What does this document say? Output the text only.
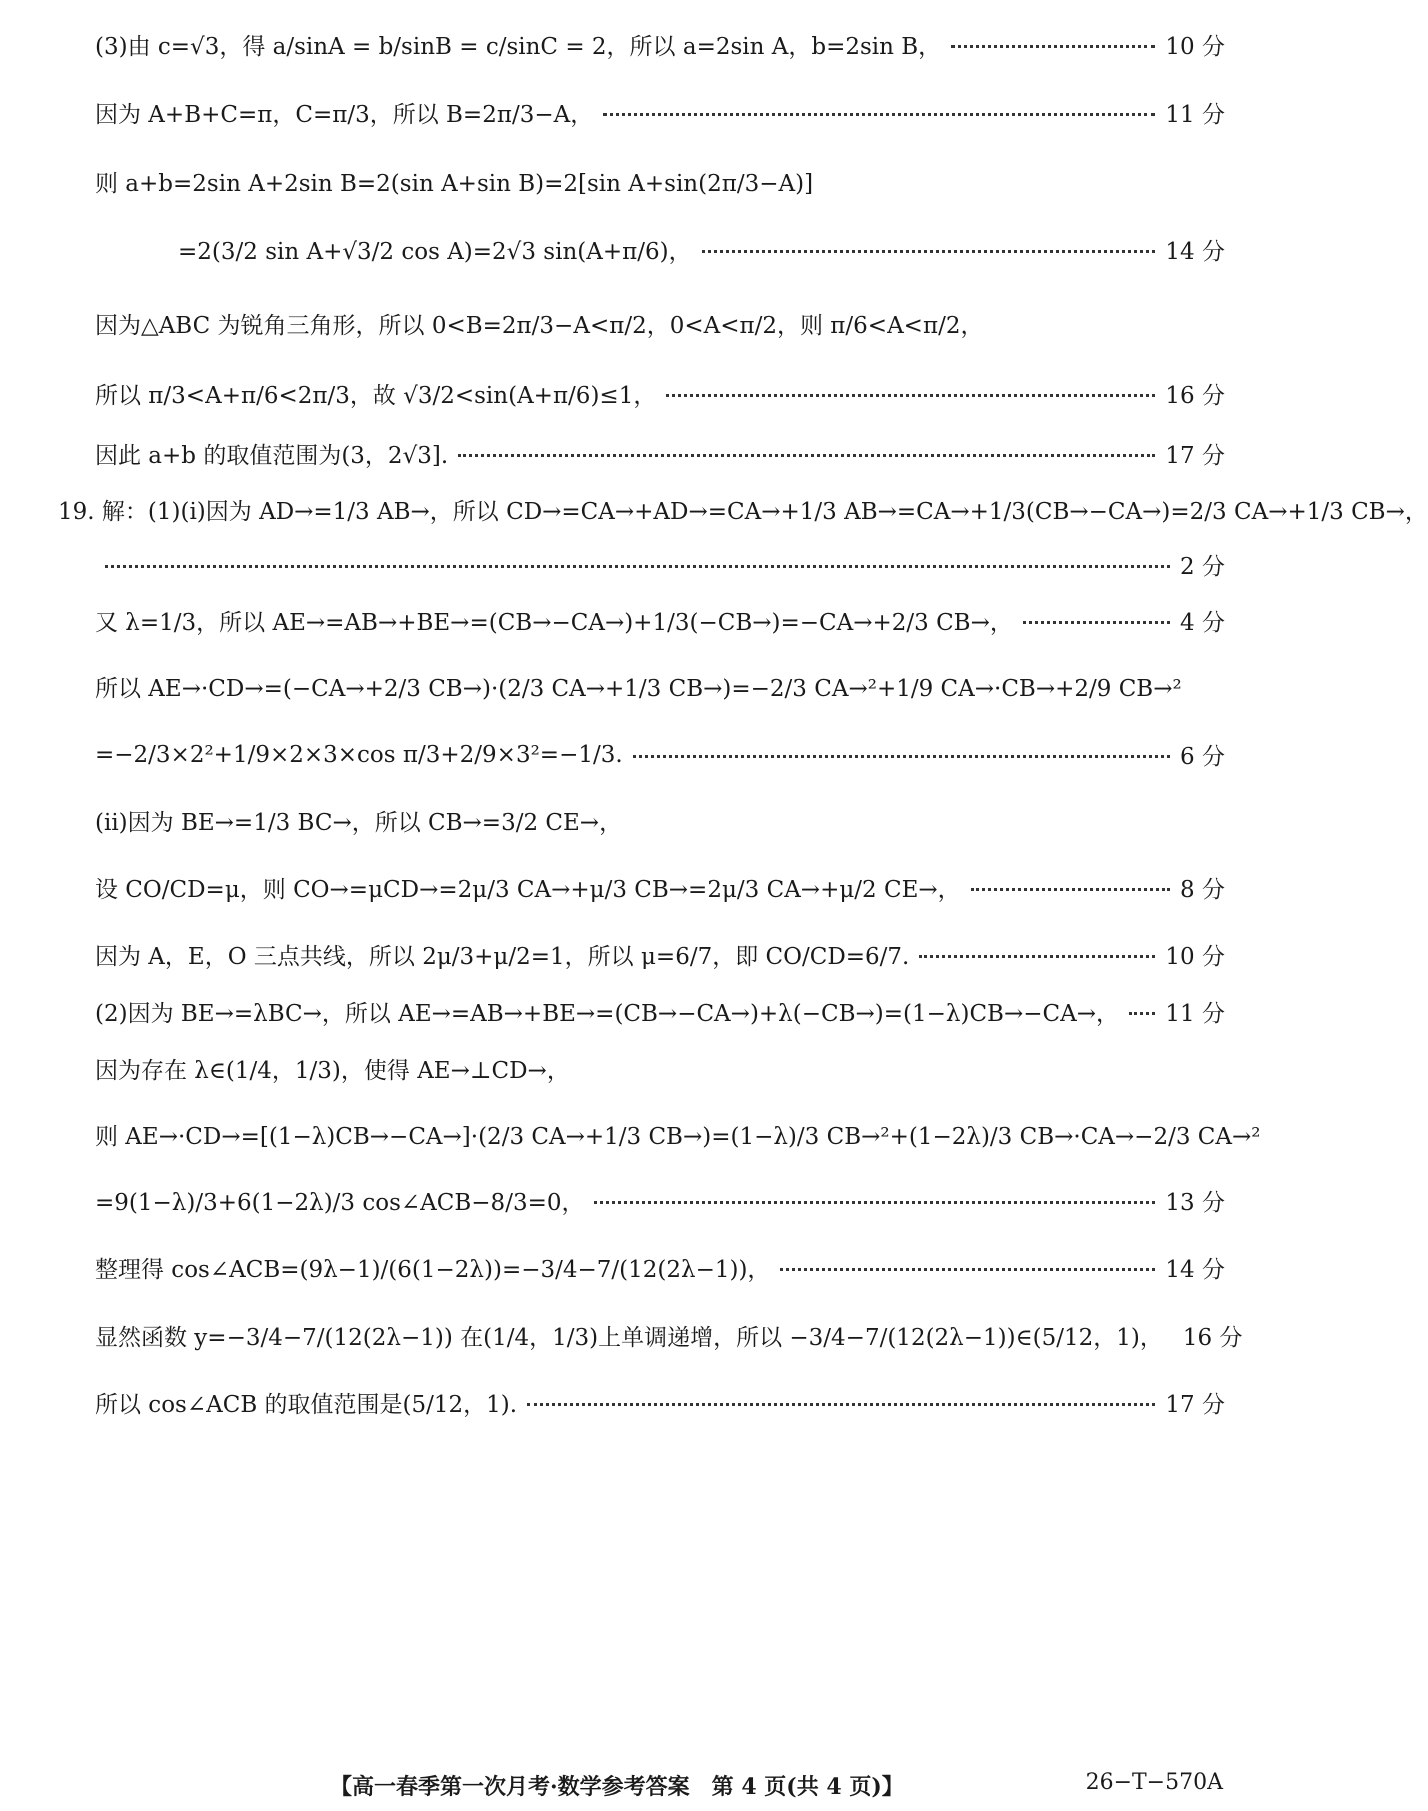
(3)由 c=√3，得 a/sinA = b/sinB = c/sinC = 2，所以 a=2sin A，b=2sin B，	10 分
因为 A+B+C=π，C=π/3，所以 B=2π/3−A，	11 分
则 a+b=2sin A+2sin B=2(sin A+sin B)=2[sin A+sin(2π/3−A)]
=2(3/2 sin A+√3/2 cos A)=2√3 sin(A+π/6)，	14 分
因为△ABC 为锐角三角形，所以 0<B=2π/3−A<π/2，0<A<π/2，则 π/6<A<π/2，
所以 π/3<A+π/6<2π/3，故 √3/2<sin(A+π/6)≤1，	16 分
因此 a+b 的取值范围为(3，2√3].	17 分
19. 解：(1)(ⅰ)因为 AD→=1/3 AB→，所以 CD→=CA→+AD→=CA→+1/3 AB→=CA→+1/3(CB→−CA→)=2/3 CA→+1/3 CB→，
2 分
又 λ=1/3，所以 AE→=AB→+BE→=(CB→−CA→)+1/3(−CB→)=−CA→+2/3 CB→，	4 分
所以 AE→·CD→=(−CA→+2/3 CB→)·(2/3 CA→+1/3 CB→)=−2/3 CA→²+1/9 CA→·CB→+2/9 CB→²
=−2/3×2²+1/9×2×3×cos π/3+2/9×3²=−1/3.	6 分
(ⅱ)因为 BE→=1/3 BC→，所以 CB→=3/2 CE→，
设 CO/CD=μ，则 CO→=μCD→=2μ/3 CA→+μ/3 CB→=2μ/3 CA→+μ/2 CE→，	8 分
因为 A，E，O 三点共线，所以 2μ/3+μ/2=1，所以 μ=6/7，即 CO/CD=6/7.	10 分
(2)因为 BE→=λBC→，所以 AE→=AB→+BE→=(CB→−CA→)+λ(−CB→)=(1−λ)CB→−CA→， 11 分
因为存在 λ∈(1/4，1/3)，使得 AE→⊥CD→，
则 AE→·CD→=[(1−λ)CB→−CA→]·(2/3 CA→+1/3 CB→)=(1−λ)/3 CB→²+(1−2λ)/3 CB→·CA→−2/3 CA→²
=9(1−λ)/3+6(1−2λ)/3 cos∠ACB−8/3=0，	13 分
整理得 cos∠ACB=(9λ−1)/(6(1−2λ))=−3/4−7/(12(2λ−1))，	14 分
显然函数 y=−3/4−7/(12(2λ−1)) 在(1/4，1/3)上单调递增，所以 −3/4−7/(12(2λ−1))∈(5/12，1)， 16 分
所以 cos∠ACB 的取值范围是(5/12，1).	17 分
【高一春季第一次月考·数学参考答案　第 4 页(共 4 页)】	26−T−570A
